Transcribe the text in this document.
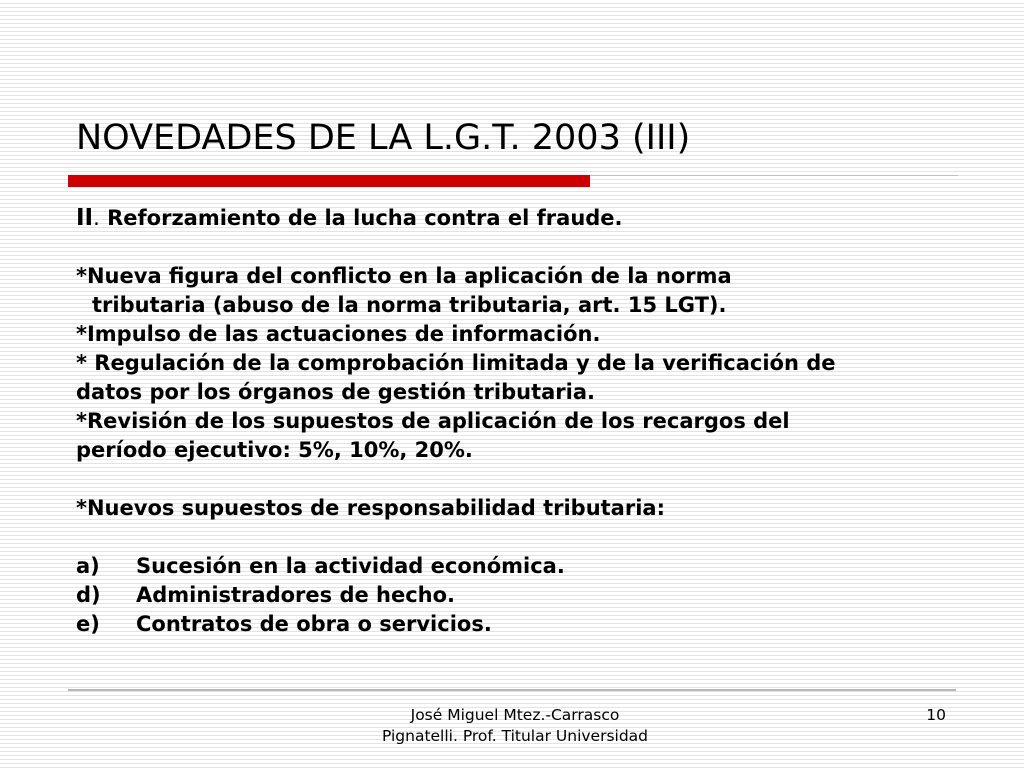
NOVEDADES DE LA L.G.T. 2003 (III)

II. Reforzamiento de la lucha contra el fraude.

*Nueva figura del conflicto en la aplicación de la norma

tributaria (abuso de la norma tributaria, art. 15 LGT).

*Impulso de las actuaciones de información.

* Regulación de la comprobación limitada y de la verificación de

datos por los órganos de gestión tributaria.

*Revisión de los supuestos de aplicación de los recargos del

período ejecutivo: 5%, 10%, 20%.

*Nuevos supuestos de responsabilidad tributaria:

a)	Sucesión en la actividad económica.
d)	Administradores de hecho.
e)	Contratos de obra o servicios.
José Miguel Mtez.-Carrasco
Pignatelli. Prof. Titular Universidad
10
